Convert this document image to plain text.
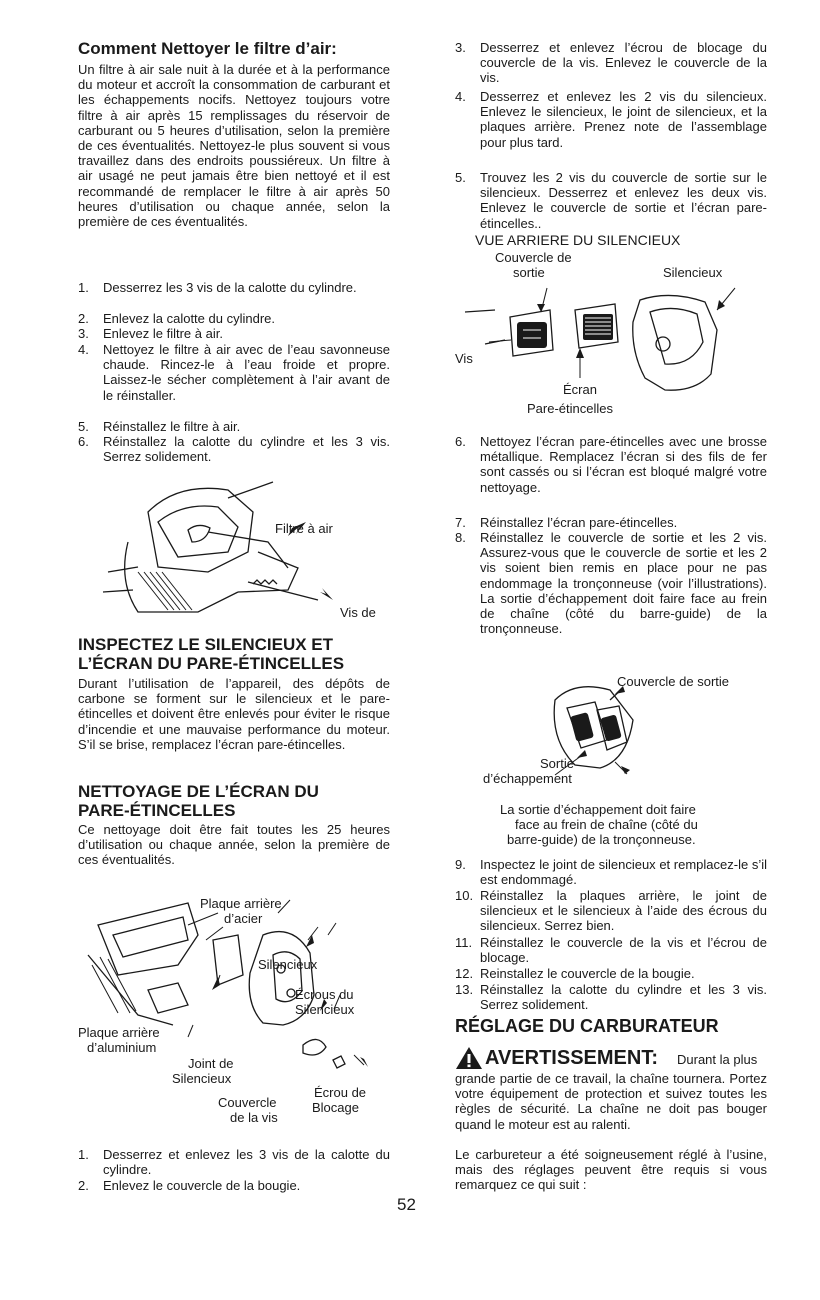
Comment Nettoyer le filtre d’air:

Un filtre à air sale nuit à la durée et à la performance du moteur et accroît la consommation de carburant et les échappements nocifs. Nettoyez toujours votre filtre à air après 15 remplissages du réservoir de carburant ou 5 heures d’utilisation, selon la première de ces éventualités. Nettoyez-le plus souvent si vous travaillez dans des endroits poussiéreux. Un filtre à air usagé ne peut jamais être bien nettoyé et il est recommandé de remplacer le filtre à air après 50 heures d’utilisation ou chaque année, selon la première de ces éventualités.

1. Desserrez les 3 vis de la calotte du cylindre.
2. Enlevez la calotte du cylindre.
3. Enlevez le filtre à air.
4. Nettoyez le filtre à air avec de l’eau savonneuse chaude. Rincez-le à l’eau froide et propre. Laissez-le sécher complètement à l’air avant de le réinstaller.
5. Réinstallez le filtre à air.
6. Réinstallez la calotte du cylindre et les 3 vis. Serrez solidement.
Filtre à air
Vis de

INSPECTEZ LE SILENCIEUX ET

L’ÉCRAN DU PARE-ÉTINCELLES

Durant l’utilisation de l’appareil, des dépôts de carbone se forment sur le silencieux et le pare-étincelles et doivent être enlevés pour éviter le risque d’incendie et une mauvaise performance du moteur. S’il se brise, remplacez l’écran pare-étincelles.

NETTOYAGE DE L’ÉCRAN DU

PARE-ÉTINCELLES

Ce nettoyage doit être fait toutes les 25 heures d’utilisation ou chaque année, selon la première de ces éventualités.

Plaque arrière
d’acier
Silencieux
Écrous du
Silencieux
Plaque arrière
d’aluminium
Joint de
Silencieux
Écrou de
Blocage
Couvercle
de la vis
1. Desserrez et enlevez les 3 vis de la calotte du cylindre.
2. Enlevez le couvercle de la bougie.
3. Desserrez et enlevez l’écrou de blocage du couvercle de la vis. Enlevez le couvercle de la vis.
4. Desserrez et enlevez les 2 vis du silencieux. Enlevez le silencieux, le joint de silencieux, et la plaques arrière. Prenez note de l’assemblage pour plus tard.
5. Trouvez les 2 vis du couvercle de sortie sur le silencieux. Desserrez et enlevez les deux vis. Enlevez le couvercle de sortie et l’écran pare-étincelles..
VUE ARRIERE DU SILENCIEUX
Couvercle de
sortie	Silencieux
Vis
Écran
Pare-étincelles
6. Nettoyez l’écran pare-étincelles avec une brosse métallique. Remplacez l’écran si des fils de fer sont cassés ou si l’écran est bloqué malgré votre nettoyage.
7. Réinstallez l’écran pare-étincelles.
8. Réinstallez le couvercle de sortie et les 2 vis. Assurez-vous que le couvercle de sortie et les 2 vis soient bien remis en place pour ne pas endommage la tronçonneuse (voir l’illustrations). La sortie d’échappement doit faire face au frein de chaîne (côté du barre-guide) de la tronçonneuse.
Couvercle de sortie
Sortie
d’échappement
La sortie d’échappement doit faire
face au frein de chaîne (côté du
barre-guide) de la tronçonneuse.
9. Inspectez le joint de silencieux et remplacez-le s’il est endommagé.
10. Réinstallez la plaques arrière, le joint de silencieux et le silencieux à l’aide des écrous du silencieux. Serrez bien.
11. Réinstallez le couvercle de la vis et l’écrou de blocage.
12. Reinstallez le couvercle de la bougie.
13. Réinstallez la calotte du cylindre et les 3 vis. Serrez solidement.

RÉGLAGE DU CARBURATEUR

AVERTISSEMENT: Durant la plus

grande partie de ce travail, la chaîne tournera. Portez votre équipement de protection et suivez toutes les règles de sécurité. La chaîne ne doit pas bouger quand le moteur est au ralenti.

Le carbureteur a été soigneusement réglé à l’usine, mais des réglages peuvent être requis si vous remarquez ce qui suit :

52
